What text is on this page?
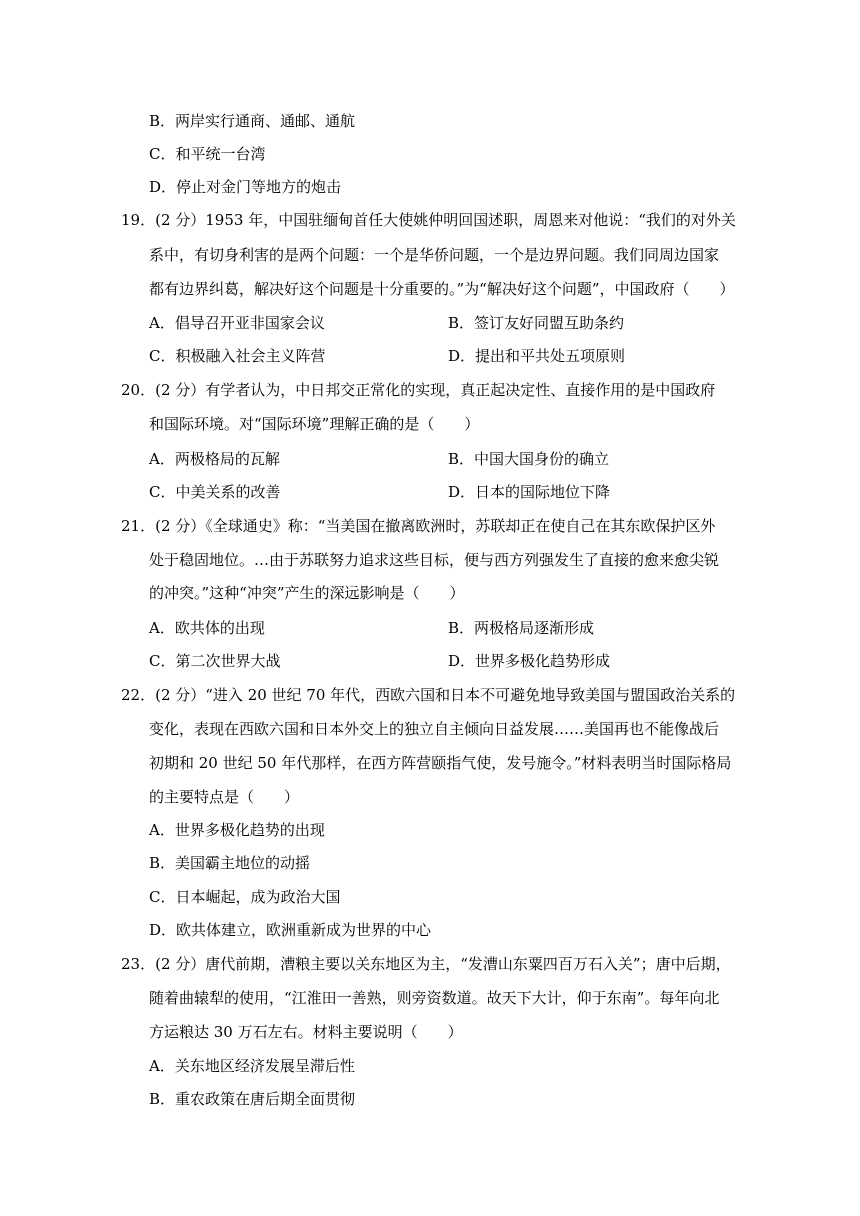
B．两岸实行通商、通邮、通航
C．和平统一台湾
D．停止对金门等地方的炮击
19．(2 分）1953 年，中国驻缅甸首任大使姚仲明回国述职，周恩来对他说：“我们的对外关
系中，有切身利害的是两个问题：一个是华侨问题，一个是边界问题。我们同周边国家
都有边界纠葛，解决好这个问题是十分重要的。”为“解决好这个问题”，中国政府（　　）
A．倡导召开亚非国家会议	B．签订友好同盟互助条约
C．积极融入社会主义阵营	D．提出和平共处五项原则
20．(2 分）有学者认为，中日邦交正常化的实现，真正起决定性、直接作用的是中国政府
和国际环境。对“国际环境”理解正确的是（　　）
A．两极格局的瓦解	B．中国大国身份的确立
C．中美关系的改善	D．日本的国际地位下降
21．(2 分）《全球通史》称：“当美国在撤离欧洲时，苏联却正在使自己在其东欧保护区外
处于稳固地位。…由于苏联努力追求这些目标，便与西方列强发生了直接的愈来愈尖锐
的冲突。”这种“冲突”产生的深远影响是（　　）
A．欧共体的出现	B．两极格局逐渐形成
C．第二次世界大战	D．世界多极化趋势形成
22．(2 分）“进入 20 世纪 70 年代，西欧六国和日本不可避免地导致美国与盟国政治关系的
变化，表现在西欧六国和日本外交上的独立自主倾向日益发展……美国再也不能像战后
初期和 20 世纪 50 年代那样，在西方阵营颐指气使，发号施令。”材料表明当时国际格局
的主要特点是（　　）
A．世界多极化趋势的出现
B．美国霸主地位的动摇
C．日本崛起，成为政治大国
D．欧共体建立，欧洲重新成为世界的中心
23．(2 分）唐代前期，漕粮主要以关东地区为主，“发漕山东粟四百万石入关”；唐中后期，
随着曲辕犁的使用，“江淮田一善熟，则旁资数道。故天下大计，仰于东南”。每年向北
方运粮达 30 万石左右。材料主要说明（　　）
A．关东地区经济发展呈滞后性
B．重农政策在唐后期全面贯彻
